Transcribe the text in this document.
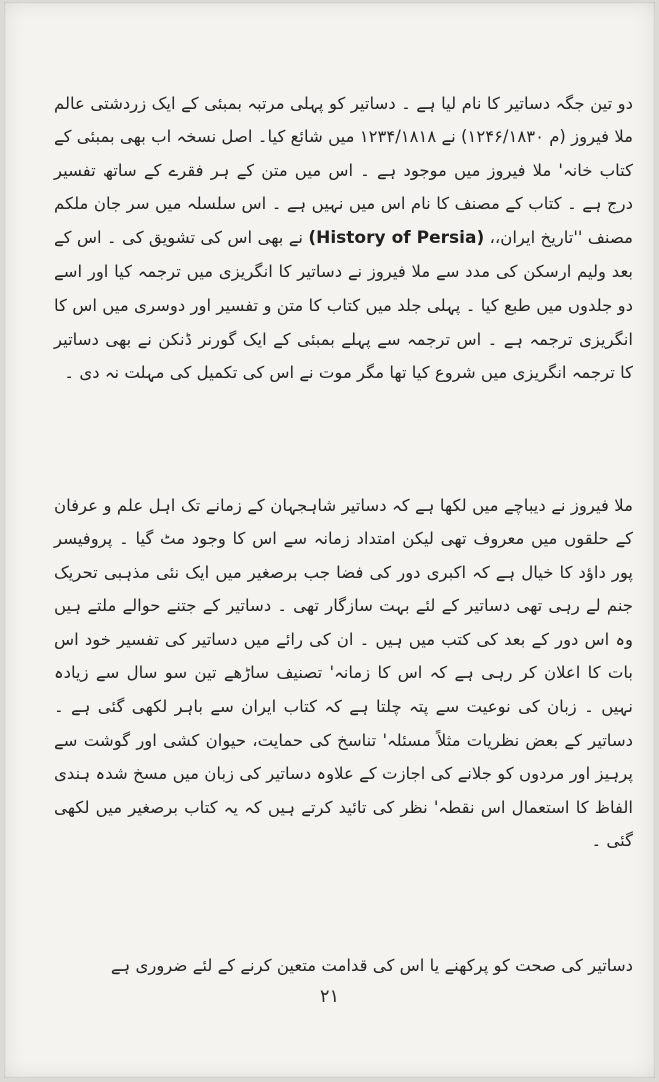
دو تین جگہ دساتیر کا نام لیا ہے ۔ دساتیر کو پہلی مرتبہ بمبئی کے ایک زردشتی عالم ملا فیروز (م ۱۲۴۶/۱۸۳۰) نے ۱۲۳۴/۱۸۱۸ میں شائع کیا۔ اصل نسخہ اب بھی بمبئی کے کتاب خانہ' ملا فیروز میں موجود ہے ۔ اس میں متن کے ہر فقرے کے ساتھ تفسیر درج ہے ۔ کتاب کے مصنف کا نام اس میں نہیں ہے ۔ اس سلسلہ میں سر جان ملکم مصنف ''تاریخ ایران،، (History of Persia) نے بھی اس کی تشویق کی ۔ اس کے بعد ولیم ارسکن کی مدد سے ملا فیروز نے دساتیر کا انگریزی میں ترجمہ کیا اور اسے دو جلدوں میں طبع کیا ۔ پہلی جلد میں کتاب کا متن و تفسیر اور دوسری میں اس کا انگریزی ترجمہ ہے ۔ اس ترجمہ سے پہلے بمبئی کے ایک گورنر ڈنکن نے بھی دساتیر کا ترجمہ انگریزی میں شروع کیا تھا مگر موت نے اس کی تکمیل کی مہلت نہ دی ۔

ملا فیروز نے دیباچے میں لکھا ہے کہ دساتیر شاہجہان کے زمانے تک اہل علم و عرفان کے حلقوں میں معروف تھی لیکن امتداد زمانہ سے اس کا وجود مٹ گیا ۔ پروفیسر پور داؤد کا خیال ہے کہ اکبری دور کی فضا جب برصغیر میں ایک نئی مذہبی تحریک جنم لے رہی تھی دساتیر کے لئے بہت سازگار تھی ۔ دساتیر کے جتنے حوالے ملتے ہیں وہ اس دور کے بعد کی کتب میں ہیں ۔ ان کی رائے میں دساتیر کی تفسیر خود اس بات کا اعلان کر رہی ہے کہ اس کا زمانہ' تصنیف ساڑھے تین سو سال سے زیادہ نہیں ۔ زبان کی نوعیت سے پتہ چلتا ہے کہ کتاب ایران سے باہر لکھی گئی ہے ۔ دساتیر کے بعض نظریات مثلاً مسئلہ' تناسخ کی حمایت، حیوان کشی اور گوشت سے پرہیز اور مردوں کو جلانے کی اجازت کے علاوہ دساتیر کی زبان میں مسخ شدہ ہندی الفاظ کا استعمال اس نقطہ' نظر کی تائید کرتے ہیں کہ یہ کتاب برصغیر میں لکھی گئی ۔

دساتیر کی صحت کو پرکھنے یا اس کی قدامت متعین کرنے کے لئے ضروری ہے

۲۱
